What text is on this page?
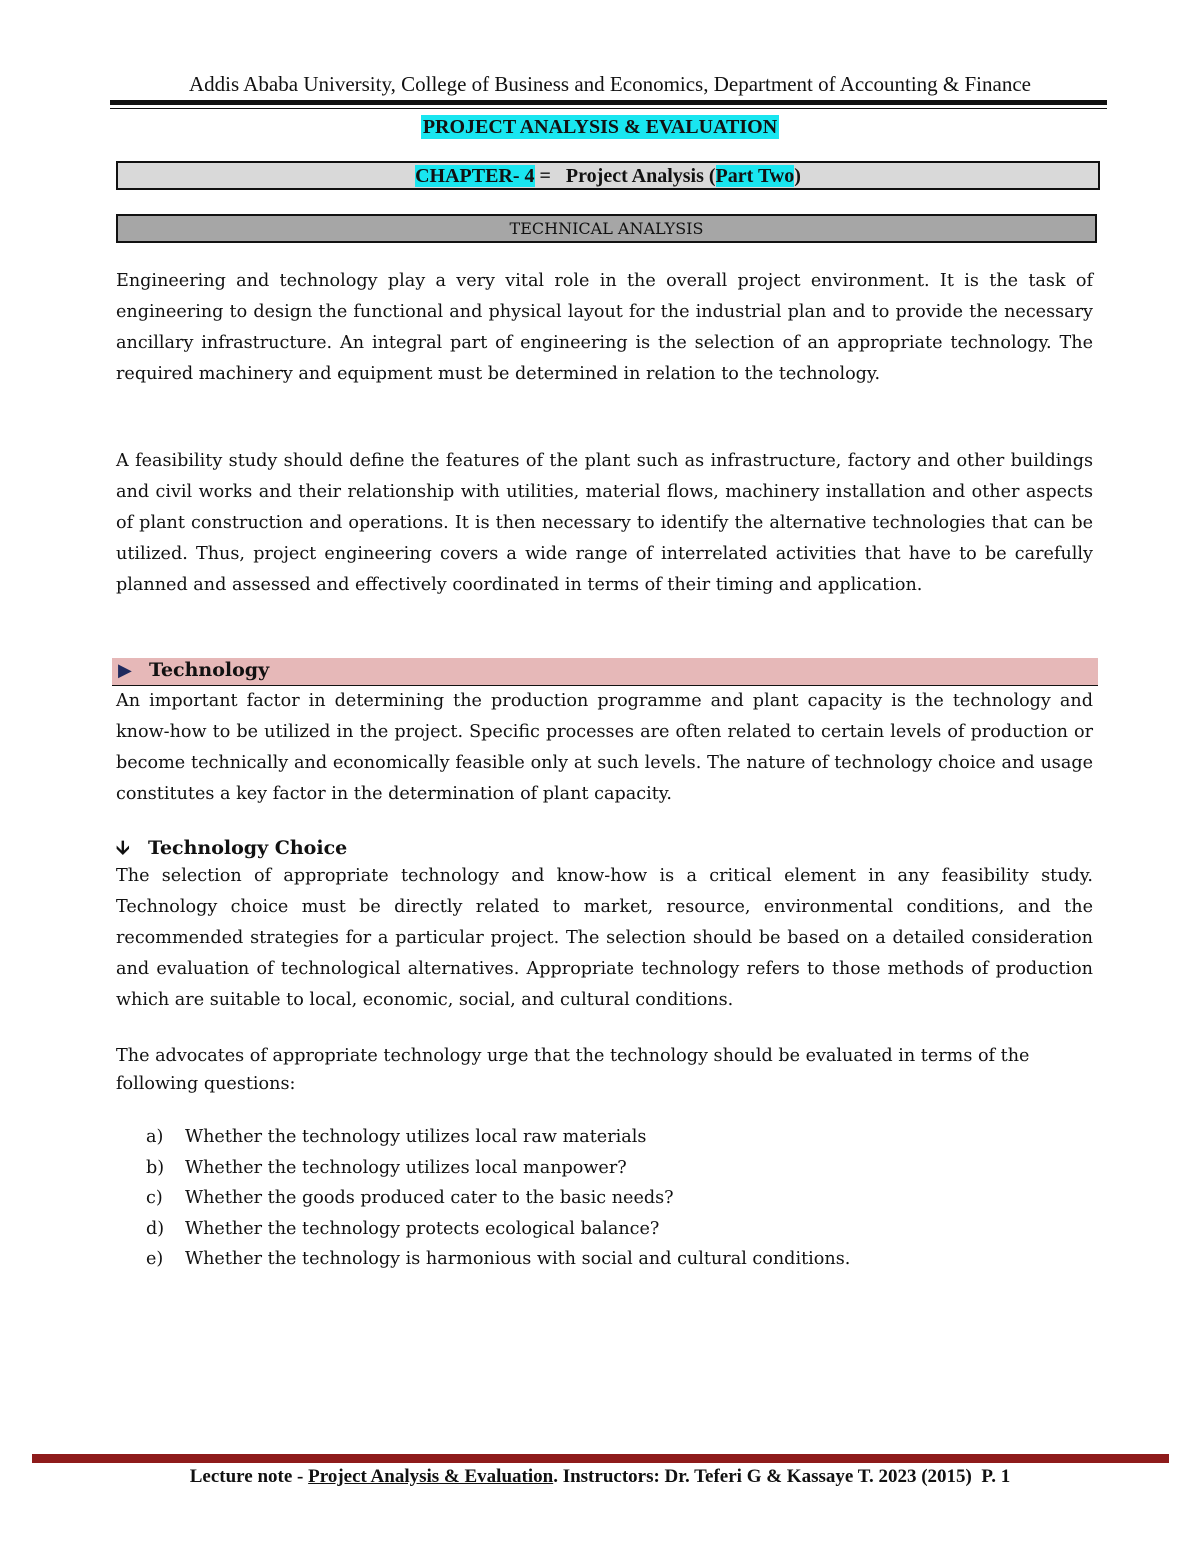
Addis Ababa University, College of Business and Economics, Department of Accounting & Finance
PROJECT ANALYSIS & EVALUATION
CHAPTER- 4 =   Project Analysis (Part Two)
TECHNICAL ANALYSIS
Engineering and technology play a very vital role in the overall project environment. It is the task of engineering to design the functional and physical layout for the industrial plan and to provide the necessary ancillary infrastructure. An integral part of engineering is the selection of an appropriate technology. The required machinery and equipment must be determined in relation to the technology.
A feasibility study should define the features of the plant such as infrastructure, factory and other buildings and civil works and their relationship with utilities, material flows, machinery installation and other aspects of plant construction and operations. It is then necessary to identify the alternative technologies that can be utilized. Thus, project engineering covers a wide range of interrelated activities that have to be carefully planned and assessed and effectively coordinated in terms of their timing and application.
▶ Technology
An important factor in determining the production programme and plant capacity is the technology and know-how to be utilized in the project. Specific processes are often related to certain levels of production or become technically and economically feasible only at such levels. The nature of technology choice and usage constitutes a key factor in the determination of plant capacity.
🡫 Technology Choice
The selection of appropriate technology and know-how is a critical element in any feasibility study. Technology choice must be directly related to market, resource, environmental conditions, and the recommended strategies for a particular project. The selection should be based on a detailed consideration and evaluation of technological alternatives. Appropriate technology refers to those methods of production which are suitable to local, economic, social, and cultural conditions.
The advocates of appropriate technology urge that the technology should be evaluated in terms of the following questions:
a) Whether the technology utilizes local raw materials
b) Whether the technology utilizes local manpower?
c) Whether the goods produced cater to the basic needs?
d) Whether the technology protects ecological balance?
e) Whether the technology is harmonious with social and cultural conditions.
Lecture note - Project Analysis & Evaluation. Instructors: Dr. Teferi G & Kassaye T. 2023 (2015)  P. 1
